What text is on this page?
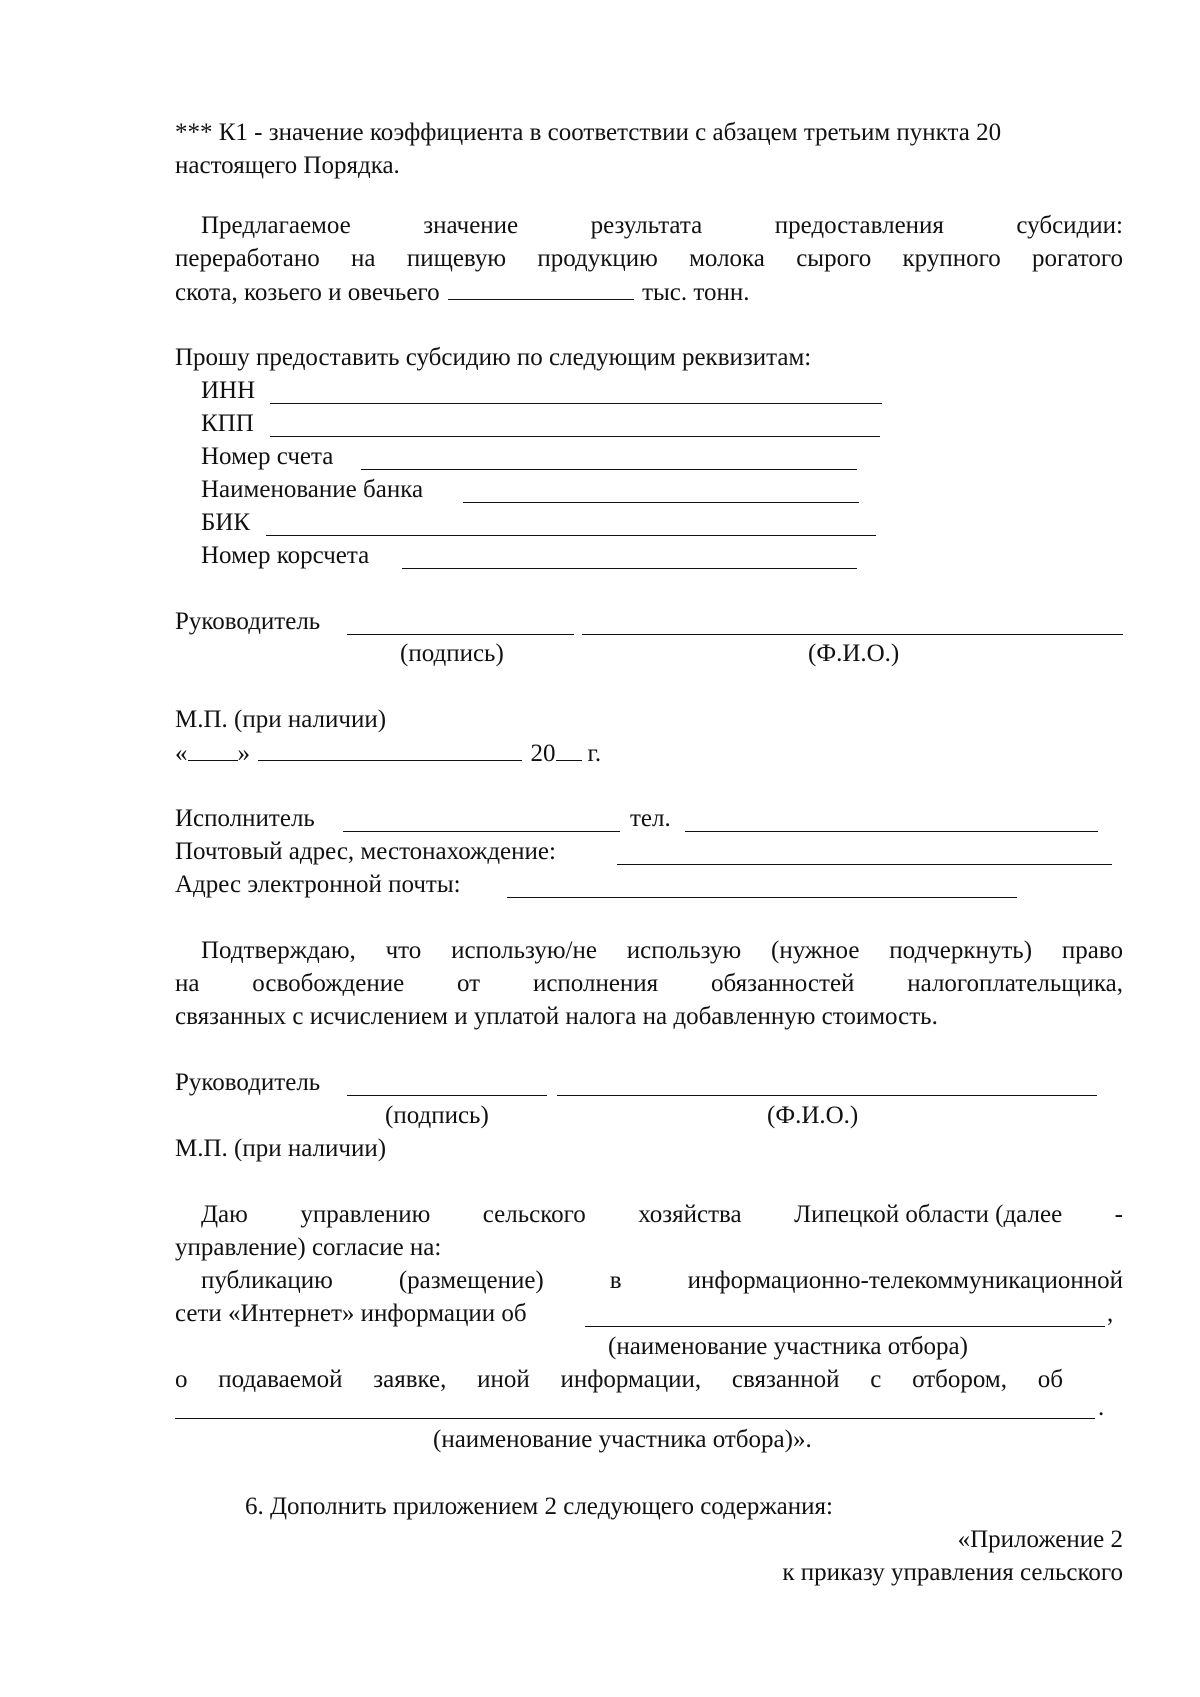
*** К1 - значение коэффициента в соответствии с абзацем третьим пункта 20
настоящего Порядка.
Предлагаемое	значение	результата	предоставления	субсидии:
переработано на пищевую продукцию молока сырого крупного рогатого
скота, козьего и овечьего	тыс. тонн.
Прошу предоставить субсидию по следующим реквизитам:
ИНН
КПП
Номер счета
Наименование банка
БИК
Номер корсчета
Руководитель
(подпись)	(Ф.И.О.)
М.П. (при наличии)
« »	20 г.
Исполнитель	тел.
Почтовый адрес, местонахождение:
Адрес электронной почты:
Подтверждаю, что использую/не использую (нужное подчеркнуть) право
на освобождение от исполнения обязанностей налогоплательщика,
связанных с исчислением и уплатой налога на добавленную стоимость.
Руководитель
(подпись)	(Ф.И.О.)
М.П. (при наличии)
Даю управлению сельского хозяйства Липецкой области (далее -
управление) согласие на:
публикацию	(размещение)	в	информационно-телекоммуникационной
сети «Интернет» информации об	,
(наименование участника отбора)
о подаваемой заявке, иной информации, связанной с отбором, об
.
(наименование участника отбора)».
6. Дополнить приложением 2 следующего содержания:
«Приложение 2
к приказу управления сельского
